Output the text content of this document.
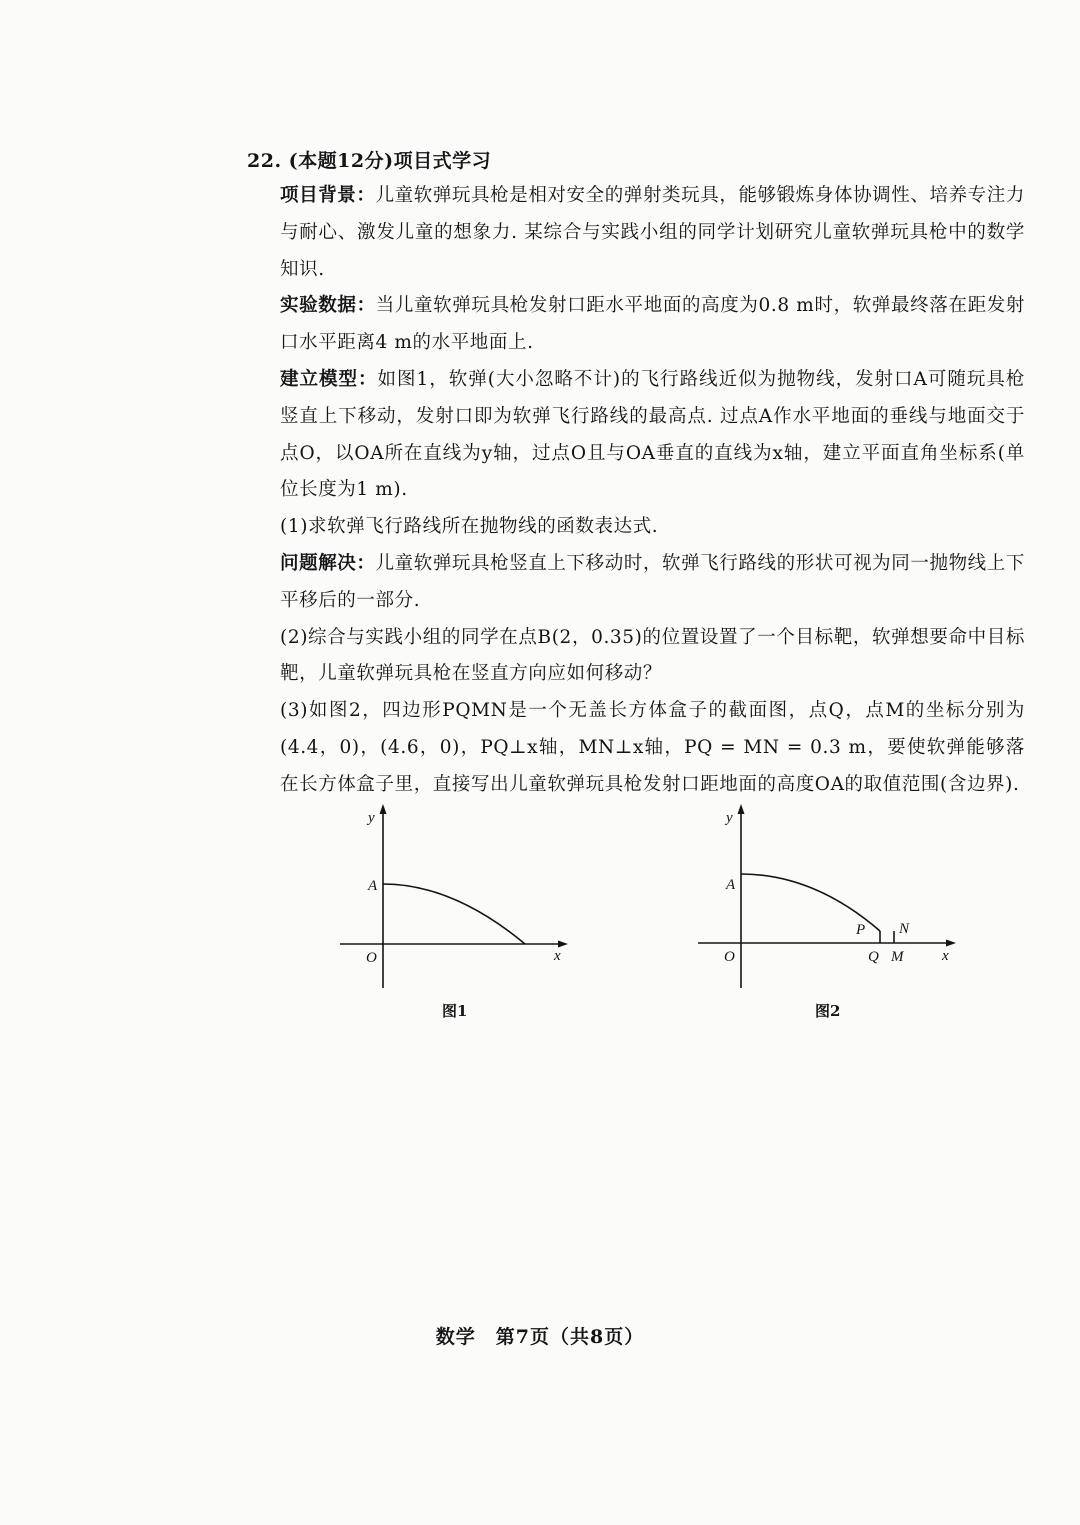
22. (本题12分)项目式学习

项目背景：儿童软弹玩具枪是相对安全的弹射类玩具，能够锻炼身体协调性、培养专注力与耐心、激发儿童的想象力. 某综合与实践小组的同学计划研究儿童软弹玩具枪中的数学知识.

实验数据：当儿童软弹玩具枪发射口距水平地面的高度为0.8 m时，软弹最终落在距发射口水平距离4 m的水平地面上.

建立模型：如图1，软弹(大小忽略不计)的飞行路线近似为抛物线，发射口A可随玩具枪竖直上下移动，发射口即为软弹飞行路线的最高点. 过点A作水平地面的垂线与地面交于点O，以OA所在直线为y轴，过点O且与OA垂直的直线为x轴，建立平面直角坐标系(单位长度为1 m).

(1)求软弹飞行路线所在抛物线的函数表达式.

问题解决：儿童软弹玩具枪竖直上下移动时，软弹飞行路线的形状可视为同一抛物线上下平移后的一部分.

(2)综合与实践小组的同学在点B(2，0.35)的位置设置了一个目标靶，软弹想要命中目标靶，儿童软弹玩具枪在竖直方向应如何移动？

(3)如图2，四边形PQMN是一个无盖长方体盒子的截面图，点Q，点M的坐标分别为(4.4，0)，(4.6，0)，PQ⊥x轴，MN⊥x轴，PQ = MN = 0.3 m，要使软弹能够落在长方体盒子里，直接写出儿童软弹玩具枪发射口距地面的高度OA的取值范围(含边界).

y
A
O	x
图1
y
A
O
P N
Q M	x
图2
数学　第7页（共8页）
